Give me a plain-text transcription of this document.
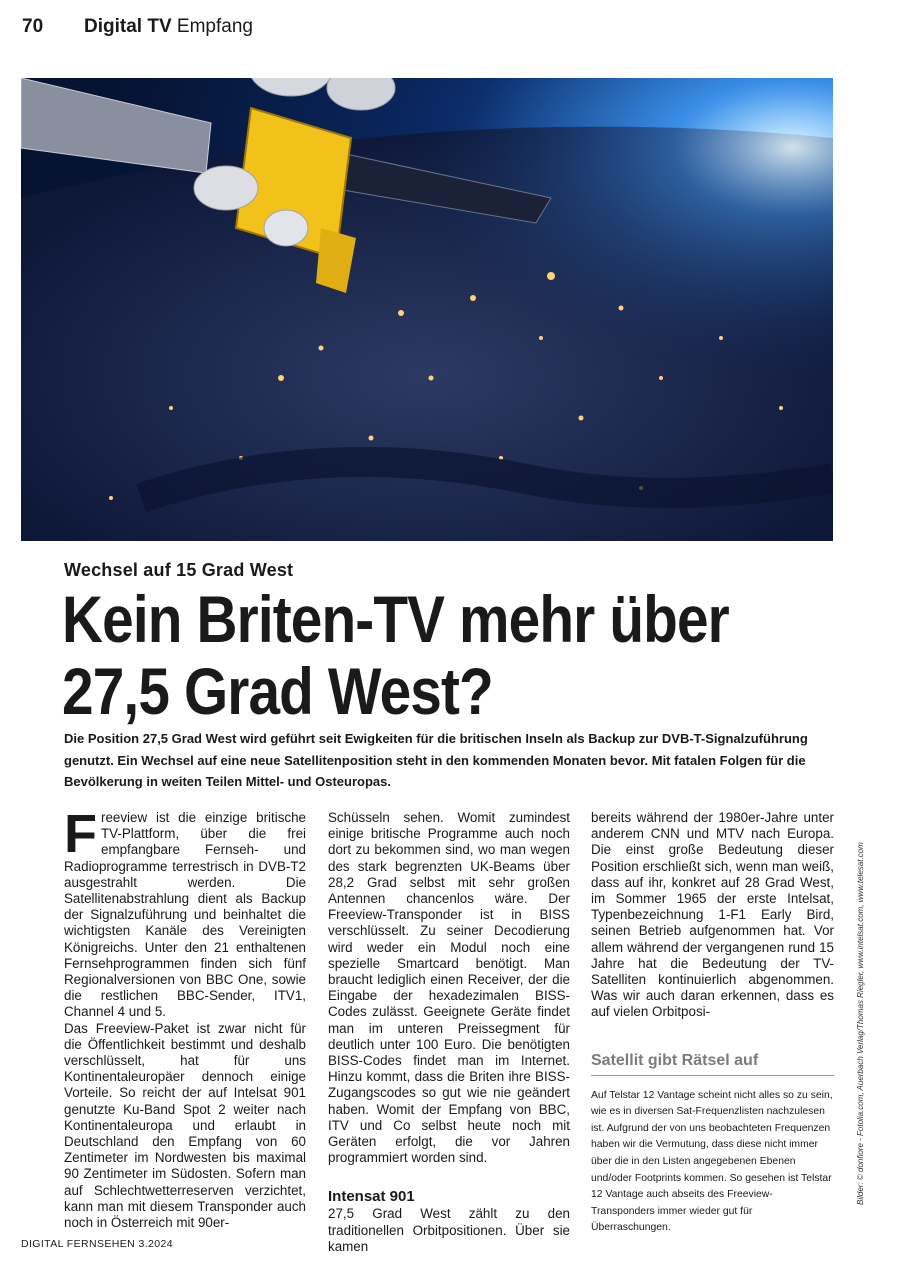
70 Digital TV Empfang
Wechsel auf 15 Grad West
Kein Briten-TV mehr über
27,5 Grad West?

Die Position 27,5 Grad West wird geführt seit Ewigkeiten für die britischen Inseln als Backup zur DVB-T-Signalzuführung genutzt. Ein Wechsel auf eine neue Satellitenposition steht in den kommenden Monaten bevor. Mit fatalen Folgen für die Bevölkerung in weiten Teilen Mittel- und Osteuropas.

Freeview ist die einzige britische TV-Plattform, über die frei empfangbare Fernseh- und Radioprogramme terrestrisch in DVB-T2 ausgestrahlt werden. Die Satellitenabstrahlung dient als Backup der Signalzuführung und beinhaltet die wichtigsten Kanäle des Vereinigten Königreichs. Unter den 21 enthaltenen Fernsehprogrammen finden sich fünf Regionalversionen von BBC One, sowie die restlichen BBC-Sender, ITV1, Channel 4 und 5.

Das Freeview-Paket ist zwar nicht für die Öffentlichkeit bestimmt und deshalb verschlüsselt, hat für uns Kontinentaleuropäer dennoch einige Vorteile. So reicht der auf Intelsat 901 genutzte Ku-Band Spot 2 weiter nach Kontinentaleuropa und erlaubt in Deutschland den Empfang von 60 Zentimeter im Nordwesten bis maximal 90 Zentimeter im Südosten. Sofern man auf Schlechtwetterreserven verzichtet, kann man mit diesem Transponder auch noch in Österreich mit 90er-

Schüsseln sehen. Womit zumindest einige britische Programme auch noch dort zu bekommen sind, wo man wegen des stark begrenzten UK-Beams über 28,2 Grad selbst mit sehr großen Antennen chancenlos wäre. Der Freeview-Transponder ist in BISS verschlüsselt. Zu seiner Decodierung wird weder ein Modul noch eine spezielle Smartcard benötigt. Man braucht lediglich einen Receiver, der die Eingabe der hexadezimalen BISS-Codes zulässt. Geeignete Geräte findet man im unteren Preissegment für deutlich unter 100 Euro. Die benötigten BISS-Codes findet man im Internet. Hinzu kommt, dass die Briten ihre BISS-Zugangscodes so gut wie nie geändert haben. Womit der Empfang von BBC, ITV und Co selbst heute noch mit Geräten erfolgt, die vor Jahren programmiert worden sind.

Intensat 901

27,5 Grad West zählt zu den traditionellen Orbitpositionen. Über sie kamen

bereits während der 1980er-Jahre unter anderem CNN und MTV nach Europa. Die einst große Bedeutung dieser Position erschließt sich, wenn man weiß, dass auf ihr, konkret auf 28 Grad West, im Sommer 1965 der erste Intelsat, Typenbezeichnung 1-F1 Early Bird, seinen Betrieb aufgenommen hat. Vor allem während der vergangenen rund 15 Jahre hat die Bedeutung der TV-Satelliten kontinuierlich abgenommen. Was wir auch daran erkennen, dass es auf vielen Orbitposi-

Satellit gibt Rätsel auf

Auf Telstar 12 Vantage scheint nicht alles so zu sein, wie es in diversen Sat-Frequenzlisten nachzulesen ist. Aufgrund der von uns beobachteten Frequenzen haben wir die Vermutung, dass diese nicht immer über die in den Listen angegebenen Ebenen und/oder Footprints kommen. So gesehen ist Telstar 12 Vantage auch abseits des Freeview-Transponders immer wieder gut für Überraschungen.

Bilder: © donfiore - Fotolia.com, Auerbach Verlag/Thomas Riegler, www.intelsat.com, www.telesat.com
DIGITAL FERNSEHEN 3.2024
